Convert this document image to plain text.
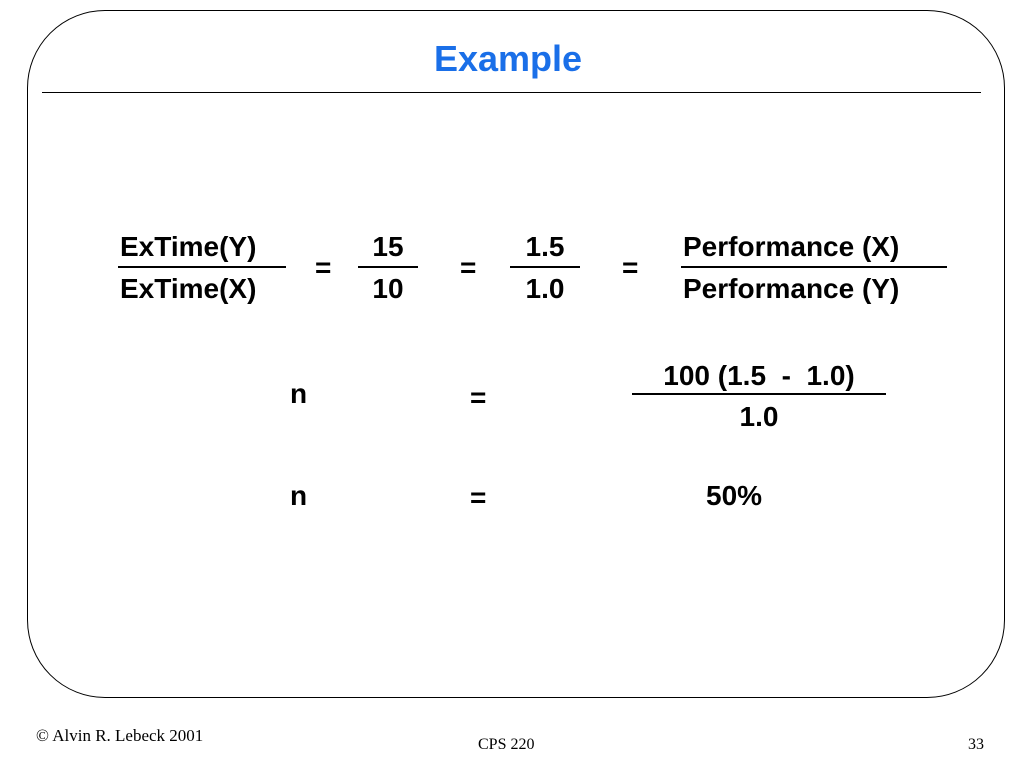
Example
ExTime(Y)
ExTime(X)
=
15
10
=
1.5
1.0
=
Performance (X)
Performance (Y)
n	=
100 (1.5  -  1.0)
1.0
n	=	50%
© Alvin R. Lebeck 2001	CPS 220	33
